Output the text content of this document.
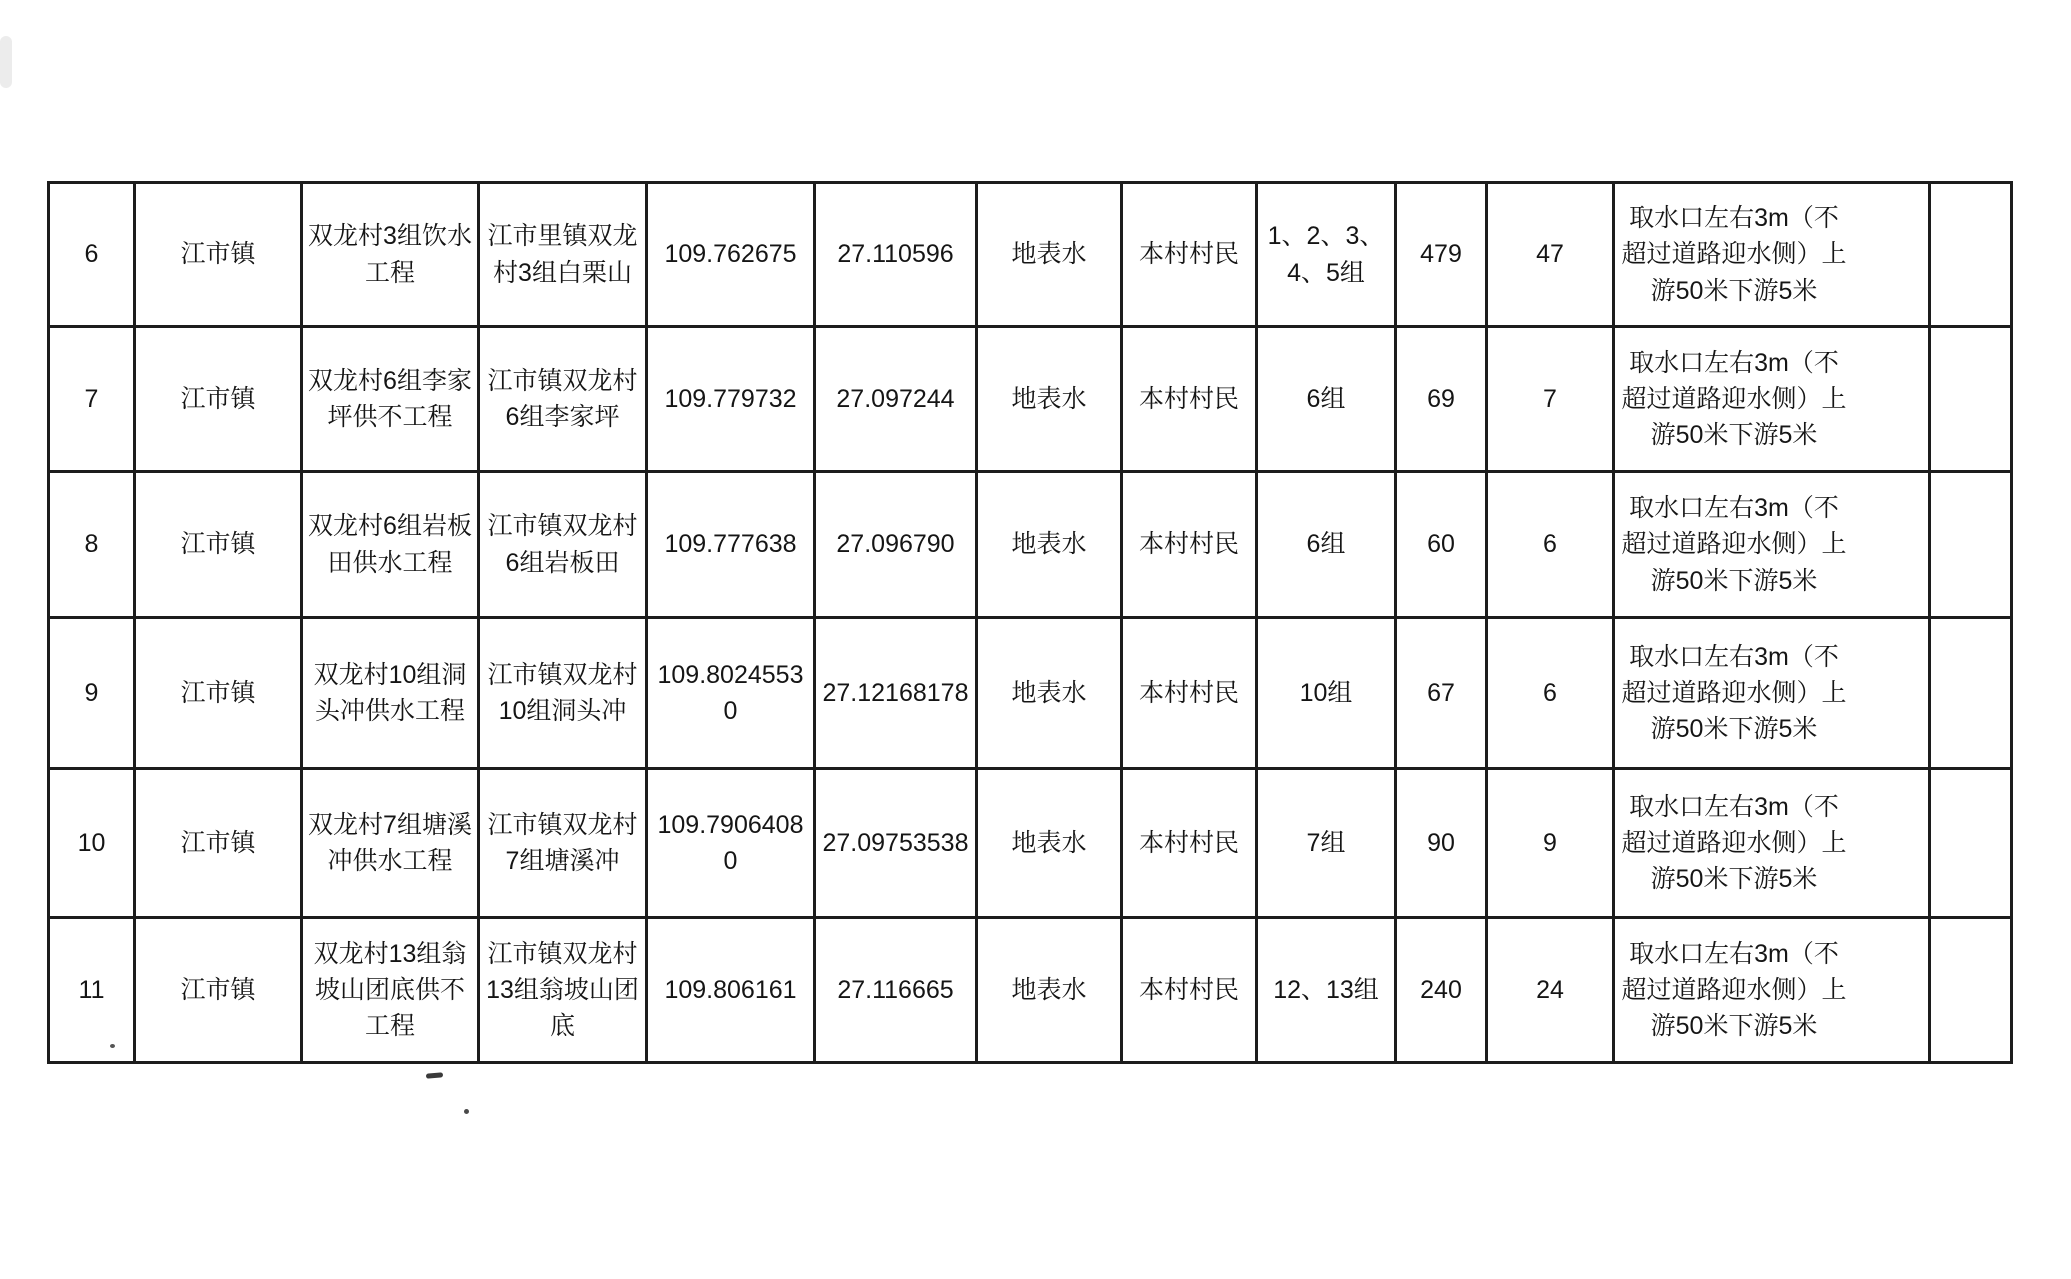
6	江市镇	双龙村3组饮水工程	江市里镇双龙村3组白栗山	109.762675	27.110596	地表水	本村村民	1、2、3、4、5组	479	47	取水口左右3m（不超过道路迎水侧）上游50米下游5米	

7	江市镇	双龙村6组李家坪供不工程	江市镇双龙村6组李家坪	109.779732	27.097244	地表水	本村村民	6组	69	7	取水口左右3m（不超过道路迎水侧）上游50米下游5米	

8	江市镇	双龙村6组岩板田供水工程	江市镇双龙村6组岩板田	109.777638	27.096790	地表水	本村村民	6组	60	6	取水口左右3m（不超过道路迎水侧）上游50米下游5米	

9	江市镇	双龙村10组洞头冲供水工程	江市镇双龙村10组洞头冲	109.80245530	27.12168178	地表水	本村村民	10组	67	6	取水口左右3m（不超过道路迎水侧）上游50米下游5米	

10	江市镇	双龙村7组塘溪冲供水工程	江市镇双龙村7组塘溪冲	109.79064080	27.09753538	地表水	本村村民	7组	90	9	取水口左右3m（不超过道路迎水侧）上游50米下游5米	

11	江市镇	双龙村13组翁坡山团底供不工程	江市镇双龙村13组翁坡山团底	109.806161	27.116665	地表水	本村村民	12、13组	240	24	取水口左右3m（不超过道路迎水侧）上游50米下游5米	
